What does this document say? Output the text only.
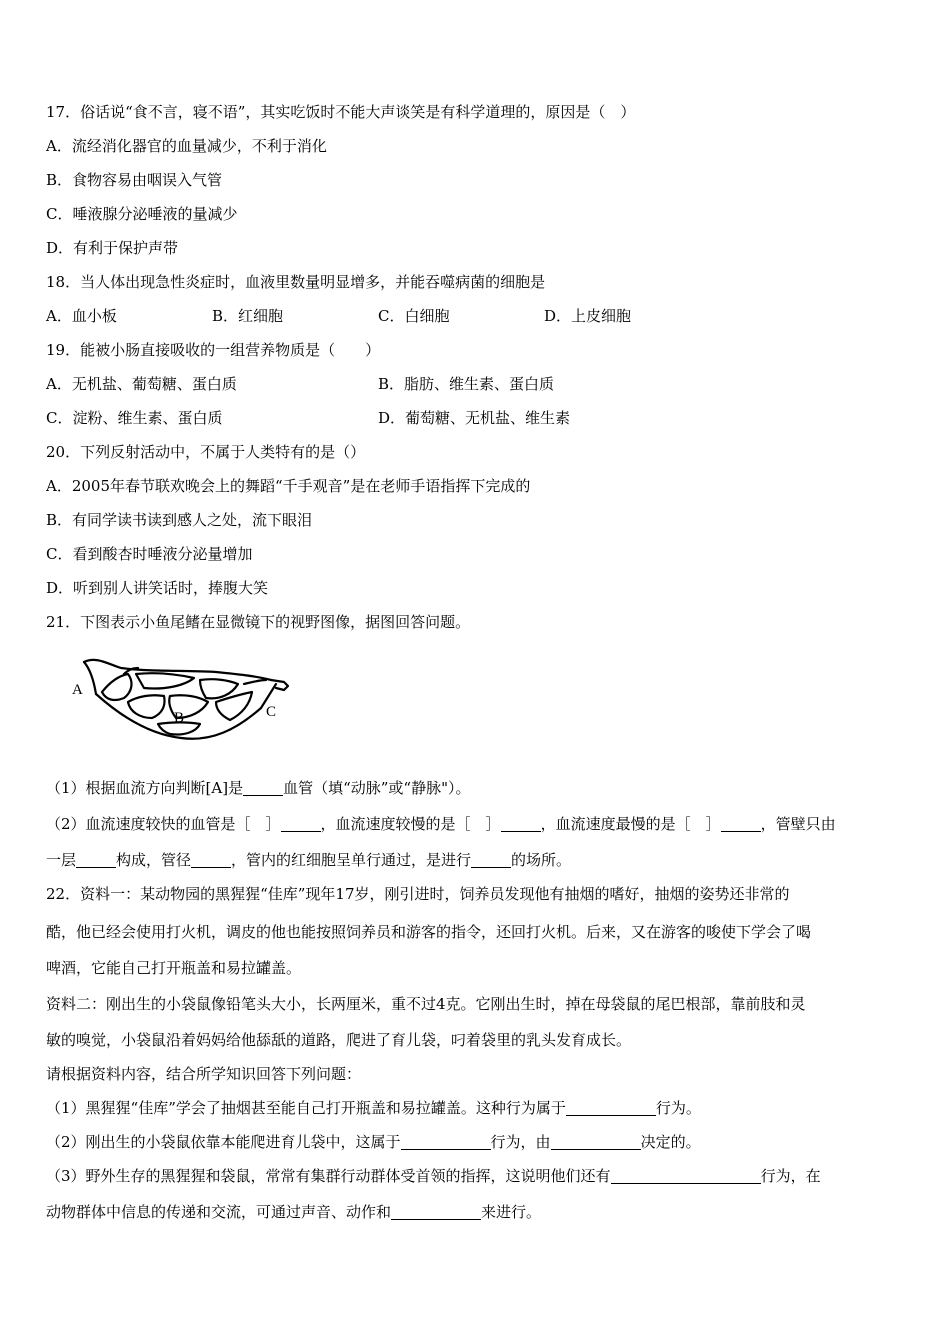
17．俗话说“食不言，寝不语”，其实吃饭时不能大声谈笑是有科学道理的，原因是（　）
A．流经消化器官的血量减少，不利于消化
B．食物容易由咽误入气管
C．唾液腺分泌唾液的量减少
D．有利于保护声带
18．当人体出现急性炎症时，血液里数量明显增多，并能吞噬病菌的细胞是
A．血小板	B．红细胞	C．白细胞	D．上皮细胞
19．能被小肠直接吸收的一组营养物质是（　　）
A．无机盐、葡萄糖、蛋白质	B．脂肪、维生素、蛋白质
C．淀粉、维生素、蛋白质	D．葡萄糖、无机盐、维生素
20．下列反射活动中，不属于人类特有的是（）
A．2005年春节联欢晚会上的舞蹈“千手观音”是在老师手语指挥下完成的
B．有同学读书读到感人之处，流下眼泪
C．看到酸杏时唾液分泌量增加
D．听到别人讲笑话时，捧腹大笑
21．下图表示小鱼尾鳍在显微镜下的视野图像，据图回答问题。
A
B	C
（1）根据血流方向判断[A]是	血管（填“动脉”或“静脉"）。
（2）血流速度较快的血管是［　］	，血流速度较慢的是［　］	，血流速度最慢的是［　］	，管壁只由
一层	构成，管径	，管内的红细胞呈单行通过，是进行	的场所。
22．资料一：某动物园的黑猩猩“佳库”现年17岁，刚引进时，饲养员发现他有抽烟的嗜好，抽烟的姿势还非常的
酷，他已经会使用打火机，调皮的他也能按照饲养员和游客的指令，还回打火机。后来，又在游客的唆使下学会了喝
啤酒，它能自己打开瓶盖和易拉罐盖。
资料二：刚出生的小袋鼠像铅笔头大小，长两厘米，重不过4克。它刚出生时，掉在母袋鼠的尾巴根部，靠前肢和灵
敏的嗅觉，小袋鼠沿着妈妈给他舔舐的道路，爬进了育儿袋，叼着袋里的乳头发育成长。
请根据资料内容，结合所学知识回答下列问题：
（1）黑猩猩“佳库”学会了抽烟甚至能自己打开瓶盖和易拉罐盖。这种行为属于	行为。
（2）刚出生的小袋鼠依靠本能爬进育儿袋中，这属于	行为，由	决定的。
（3）野外生存的黑猩猩和袋鼠，常常有集群行动群体受首领的指挥，这说明他们还有	行为，在
动物群体中信息的传递和交流，可通过声音、动作和	来进行。
